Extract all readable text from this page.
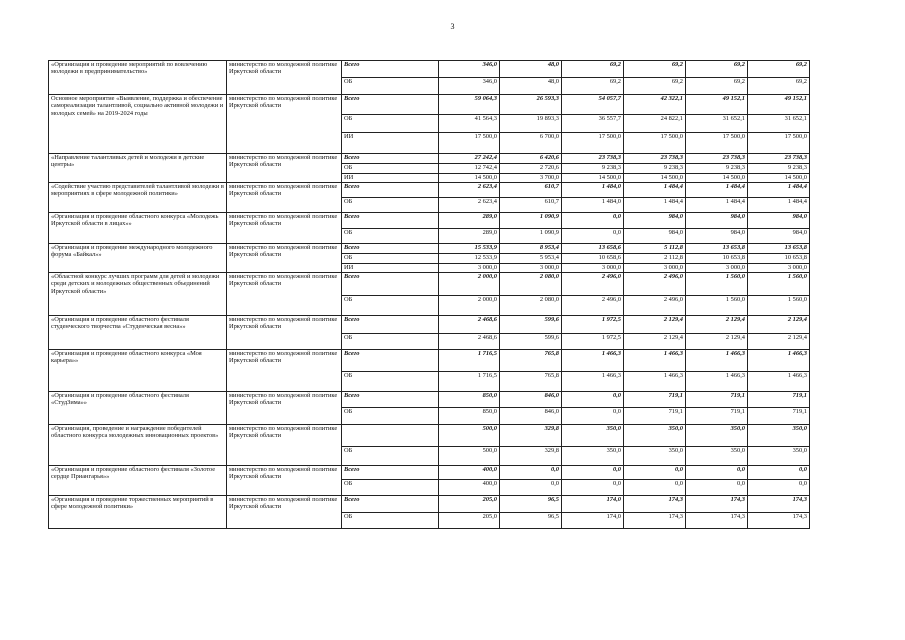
3
«Организация и проведение мероприятий по вовлечению молодежи в предпринимательство»	министерство по молодежной политике Иркутской области	Всего	346,0	48,0	69,2	69,2	69,2	69,2
		ОБ	346,0	48,0	69,2	69,2	69,2	69,2
Основное мероприятие «Выявление, поддержка и обеспечение самореализации талантливой, социально активной молодежи и молодых семей» на 2019-2024 годы	министерство по молодежной политике Иркутской области	Всего	59 064,3	26 593,3	54 057,7	42 322,1	49 152,1	49 152,1
		ОБ	41 564,3	19 893,3	36 557,7	24 822,1	31 652,1	31 652,1
		ИИ	17 500,0	6 700,0	17 500,0	17 500,0	17 500,0	17 500,0
«Направление талантливых детей и молодежи в детские центры»	министерство по молодежной политике Иркутской области	Всего	27 242,4	6 420,6	23 738,3	23 738,3	23 738,3	23 738,3
		ОБ	12 742,4	2 720,6	9 238,3	9 238,3	9 238,3	9 238,3
		ИИ	14 500,0	3 700,0	14 500,0	14 500,0	14 500,0	14 500,0
«Содействие участию представителей талантливой молодежи в мероприятиях в сфере молодежной политики»	министерство по молодежной политике Иркутской области	Всего	2 623,4	610,7	1 484,0	1 484,4	1 484,4	1 484,4
		ОБ	2 623,4	610,7	1 484,0	1 484,4	1 484,4	1 484,4
«Организация и проведение областного конкурса «Молодежь Иркутской области в лицах»»	министерство по молодежной политике Иркутской области	Всего	289,0	1 090,9	0,0	984,0	984,0	984,0
		ОБ	289,0	1 090,9	0,0	984,0	984,0	984,0
«Организация и проведение международного молодежного форума «Байкал»»	министерство по молодежной политике Иркутской области	Всего	15 533,9	8 953,4	13 658,6	5 112,8	13 653,8	13 653,8
		ОБ	12 533,9	5 953,4	10 658,6	2 112,8	10 653,8	10 653,8
		ИИ	3 000,0	3 000,0	3 000,0	3 000,0	3 000,0	3 000,0
«Областной конкурс лучших программ для детей и молодежи среди детских и молодежных общественных объединений Иркутской области»	министерство по молодежной политике Иркутской области	Всего	2 000,0	2 080,0	2 496,0	2 496,0	1 560,0	1 560,0
		ОБ	2 000,0	2 080,0	2 496,0	2 496,0	1 560,0	1 560,0
«Организация и проведение областного фестиваля студенческого творчества «Студенческая весна»»	министерство по молодежной политике Иркутской области	Всего	2 468,6	599,6	1 972,5	2 129,4	2 129,4	2 129,4
		ОБ	2 468,6	599,6	1 972,5	2 129,4	2 129,4	2 129,4
«Организация и проведение областного конкурса «Моя карьера»»	министерство по молодежной политике Иркутской области	Всего	1 716,5	765,8	1 466,3	1 466,3	1 466,3	1 466,3
		ОБ	1 716,5	765,8	1 466,3	1 466,3	1 466,3	1 466,3
«Организация и проведение областного фестиваля «СтудЗима»»	министерство по молодежной политике Иркутской области	Всего	850,0	846,0	0,0	719,1	719,1	719,1
		ОБ	850,0	846,0	0,0	719,1	719,1	719,1
«Организация, проведение и награждение победителей областного конкурса молодежных инновационных проектов»	министерство по молодежной политике Иркутской области		500,0	329,8	350,0	350,0	350,0	350,0
		ОБ	500,0	329,8	350,0	350,0	350,0	350,0
«Организация и проведение областного фестиваля «Золотое сердце Приангарья»»	министерство по молодежной политике Иркутской области	Всего	400,0	0,0	0,0	0,0	0,0	0,0
		ОБ	400,0	0,0	0,0	0,0	0,0	0,0
«Организация и проведение торжественных мероприятий в сфере молодежной политики»	министерство по молодежной политике Иркутской области	Всего	205,0	96,5	174,0	174,3	174,3	174,3
		ОБ	205,0	96,5	174,0	174,3	174,3	174,3
